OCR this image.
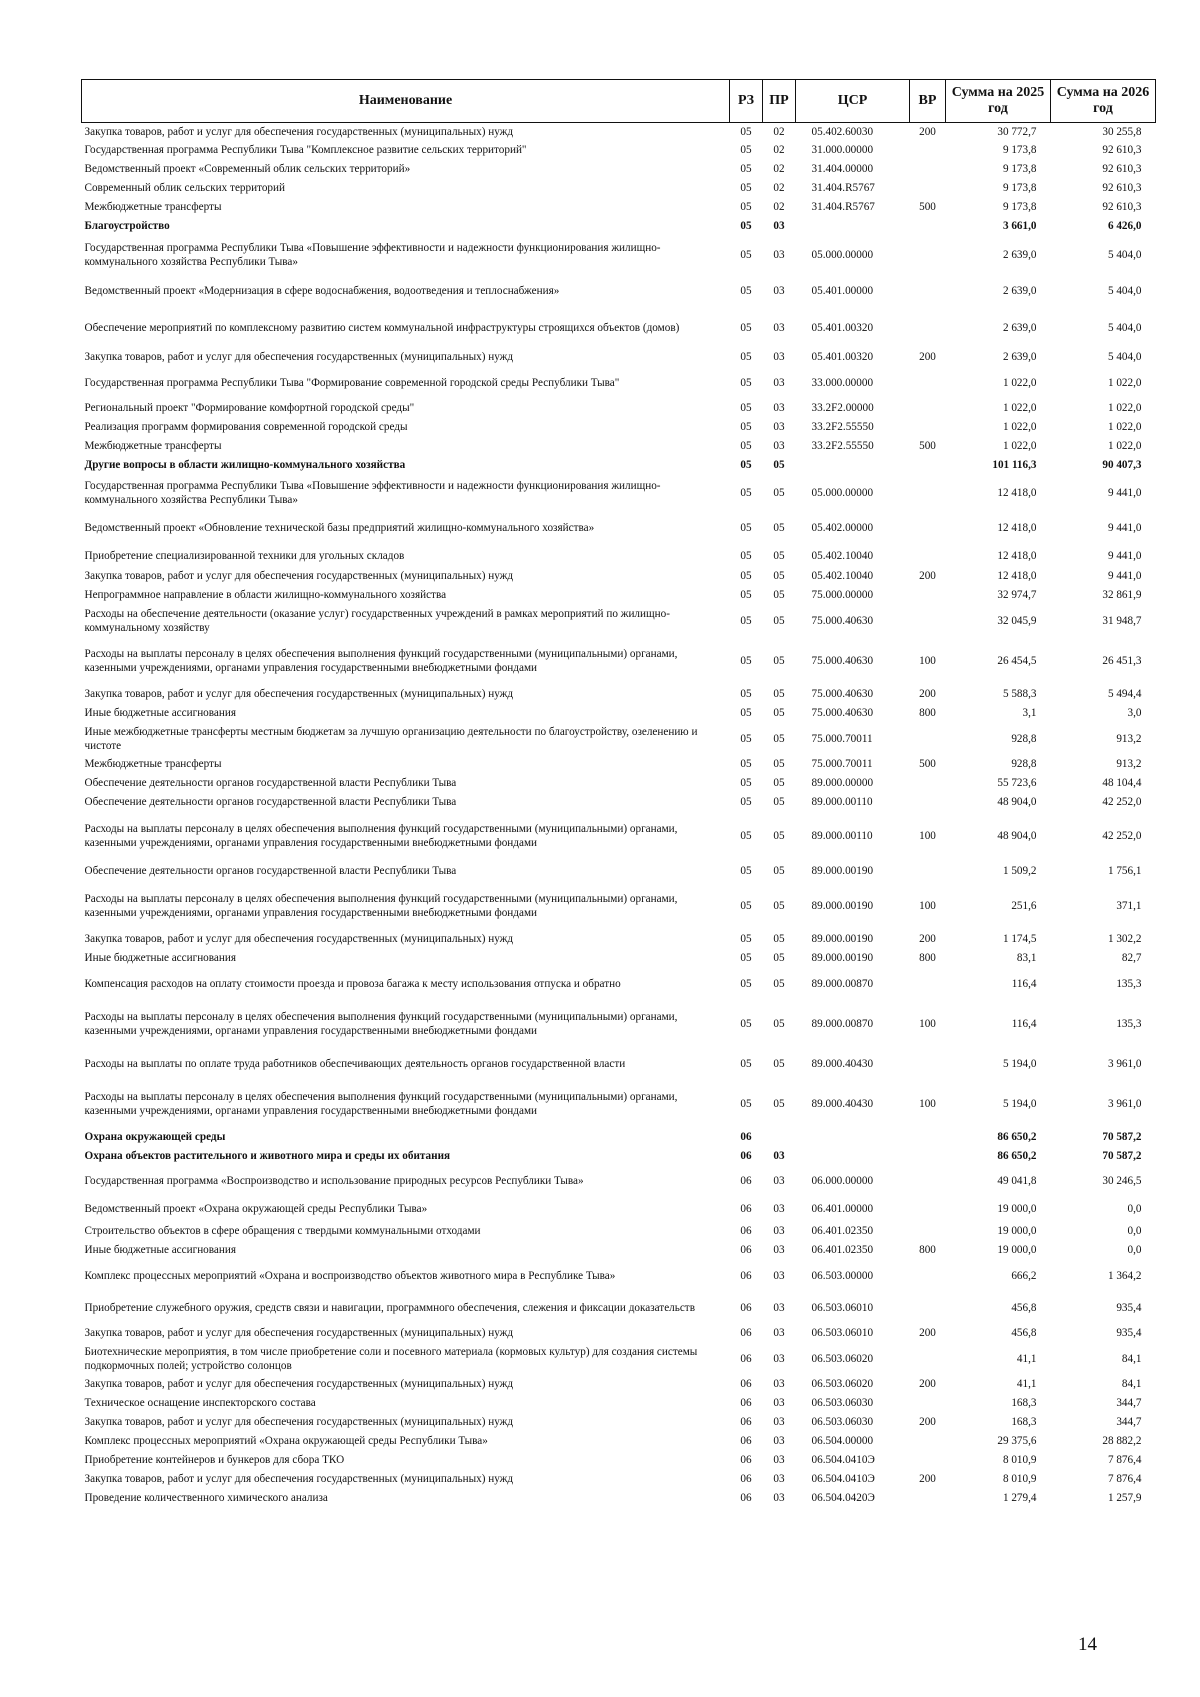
Наименование	РЗ	ПР	ЦСР	ВР	Сумма на 2025 год	Сумма на 2026 год
Закупка товаров, работ и услуг для обеспечения государственных (муниципальных) нужд	05	02	05.402.60030	200	30 772,7	30 255,8
Государственная программа Республики Тыва "Комплексное развитие сельских территорий"	05	02	31.000.00000		9 173,8	92 610,3
Ведомственный проект «Современный облик сельских территорий»	05	02	31.404.00000		9 173,8	92 610,3
Современный облик сельских территорий	05	02	31.404.R5767		9 173,8	92 610,3
Межбюджетные трансферты	05	02	31.404.R5767	500	9 173,8	92 610,3
Благоустройство	05	03			3 661,0	6 426,0
Государственная программа Республики Тыва «Повышение эффективности и надежности функционирования жилищно-коммунального хозяйства Республики Тыва»	05	03	05.000.00000		2 639,0	5 404,0
Ведомственный проект «Модернизация в сфере водоснабжения, водоотведения и теплоснабжения»	05	03	05.401.00000		2 639,0	5 404,0
Обеспечение мероприятий по комплексному развитию систем коммунальной инфраструктуры строящихся объектов (домов)	05	03	05.401.00320		2 639,0	5 404,0
Закупка товаров, работ и услуг для обеспечения государственных (муниципальных) нужд	05	03	05.401.00320	200	2 639,0	5 404,0
Государственная программа Республики Тыва "Формирование современной городской среды Республики Тыва"	05	03	33.000.00000		1 022,0	1 022,0
Региональный проект "Формирование комфортной городской среды"	05	03	33.2F2.00000		1 022,0	1 022,0
Реализация программ формирования современной городской среды	05	03	33.2F2.55550		1 022,0	1 022,0
Межбюджетные трансферты	05	03	33.2F2.55550	500	1 022,0	1 022,0
Другие вопросы в области жилищно-коммунального хозяйства	05	05			101 116,3	90 407,3
Государственная программа Республики Тыва «Повышение эффективности и надежности функционирования жилищно-коммунального хозяйства Республики Тыва»	05	05	05.000.00000		12 418,0	9 441,0
Ведомственный проект «Обновление технической базы предприятий жилищно-коммунального хозяйства»	05	05	05.402.00000		12 418,0	9 441,0
Приобретение специализированной техники для угольных складов	05	05	05.402.10040		12 418,0	9 441,0
Закупка товаров, работ и услуг для обеспечения государственных (муниципальных) нужд	05	05	05.402.10040	200	12 418,0	9 441,0
Непрограммное направление в области жилищно-коммунального хозяйства	05	05	75.000.00000		32 974,7	32 861,9
Расходы на обеспечение деятельности (оказание услуг) государственных учреждений в рамках мероприятий по жилищно-коммунальному хозяйству	05	05	75.000.40630		32 045,9	31 948,7
Расходы на выплаты персоналу в целях обеспечения выполнения функций государственными (муниципальными) органами, казенными учреждениями, органами управления государственными внебюджетными фондами	05	05	75.000.40630	100	26 454,5	26 451,3
Закупка товаров, работ и услуг для обеспечения государственных (муниципальных) нужд	05	05	75.000.40630	200	5 588,3	5 494,4
Иные бюджетные ассигнования	05	05	75.000.40630	800	3,1	3,0
Иные межбюджетные трансферты местным бюджетам за лучшую организацию деятельности по благоустройству, озеленению и чистоте	05	05	75.000.70011		928,8	913,2
Межбюджетные трансферты	05	05	75.000.70011	500	928,8	913,2
Обеспечение деятельности органов государственной власти Республики Тыва	05	05	89.000.00000		55 723,6	48 104,4
Обеспечение деятельности органов государственной власти Республики Тыва	05	05	89.000.00110		48 904,0	42 252,0
Расходы на выплаты персоналу в целях обеспечения выполнения функций государственными (муниципальными) органами, казенными учреждениями, органами управления государственными внебюджетными фондами	05	05	89.000.00110	100	48 904,0	42 252,0
Обеспечение деятельности органов государственной власти Республики Тыва	05	05	89.000.00190		1 509,2	1 756,1
Расходы на выплаты персоналу в целях обеспечения выполнения функций государственными (муниципальными) органами, казенными учреждениями, органами управления государственными внебюджетными фондами	05	05	89.000.00190	100	251,6	371,1
Закупка товаров, работ и услуг для обеспечения государственных (муниципальных) нужд	05	05	89.000.00190	200	1 174,5	1 302,2
Иные бюджетные ассигнования	05	05	89.000.00190	800	83,1	82,7
Компенсация расходов на оплату стоимости проезда и провоза багажа к месту использования отпуска и обратно	05	05	89.000.00870		116,4	135,3
Расходы на выплаты персоналу в целях обеспечения выполнения функций государственными (муниципальными) органами, казенными учреждениями, органами управления государственными внебюджетными фондами	05	05	89.000.00870	100	116,4	135,3
Расходы на выплаты по оплате труда работников обеспечивающих деятельность органов государственной власти	05	05	89.000.40430		5 194,0	3 961,0
Расходы на выплаты персоналу в целях обеспечения выполнения функций государственными (муниципальными) органами, казенными учреждениями, органами управления государственными внебюджетными фондами	05	05	89.000.40430	100	5 194,0	3 961,0
Охрана окружающей среды	06				86 650,2	70 587,2
Охрана объектов растительного и животного мира и среды их обитания	06	03			86 650,2	70 587,2
Государственная программа «Воспроизводство и использование природных ресурсов Республики Тыва»	06	03	06.000.00000		49 041,8	30 246,5
Ведомственный проект «Охрана окружающей среды Республики Тыва»	06	03	06.401.00000		19 000,0	0,0
Строительство объектов в сфере обращения с твердыми коммунальными отходами	06	03	06.401.02350		19 000,0	0,0
Иные бюджетные ассигнования	06	03	06.401.02350	800	19 000,0	0,0
Комплекс процессных мероприятий «Охрана и воспроизводство объектов животного мира в Республике Тыва»	06	03	06.503.00000		666,2	1 364,2
Приобретение служебного оружия, средств связи и навигации, программного обеспечения, слежения и фиксации доказательств	06	03	06.503.06010		456,8	935,4
Закупка товаров, работ и услуг для обеспечения государственных (муниципальных) нужд	06	03	06.503.06010	200	456,8	935,4
Биотехнические мероприятия, в том числе приобретение соли и посевного материала (кормовых культур) для создания системы подкормочных полей; устройство солонцов	06	03	06.503.06020		41,1	84,1
Закупка товаров, работ и услуг для обеспечения государственных (муниципальных) нужд	06	03	06.503.06020	200	41,1	84,1
Техническое оснащение инспекторского состава	06	03	06.503.06030		168,3	344,7
Закупка товаров, работ и услуг для обеспечения государственных (муниципальных) нужд	06	03	06.503.06030	200	168,3	344,7
Комплекс процессных мероприятий «Охрана окружающей среды Республики Тыва»	06	03	06.504.00000		29 375,6	28 882,2
Приобретение контейнеров и бункеров для сбора ТКО	06	03	06.504.0410Э		8 010,9	7 876,4
Закупка товаров, работ и услуг для обеспечения государственных (муниципальных) нужд	06	03	06.504.0410Э	200	8 010,9	7 876,4
Проведение количественного химического анализа	06	03	06.504.0420Э		1 279,4	1 257,9
14
